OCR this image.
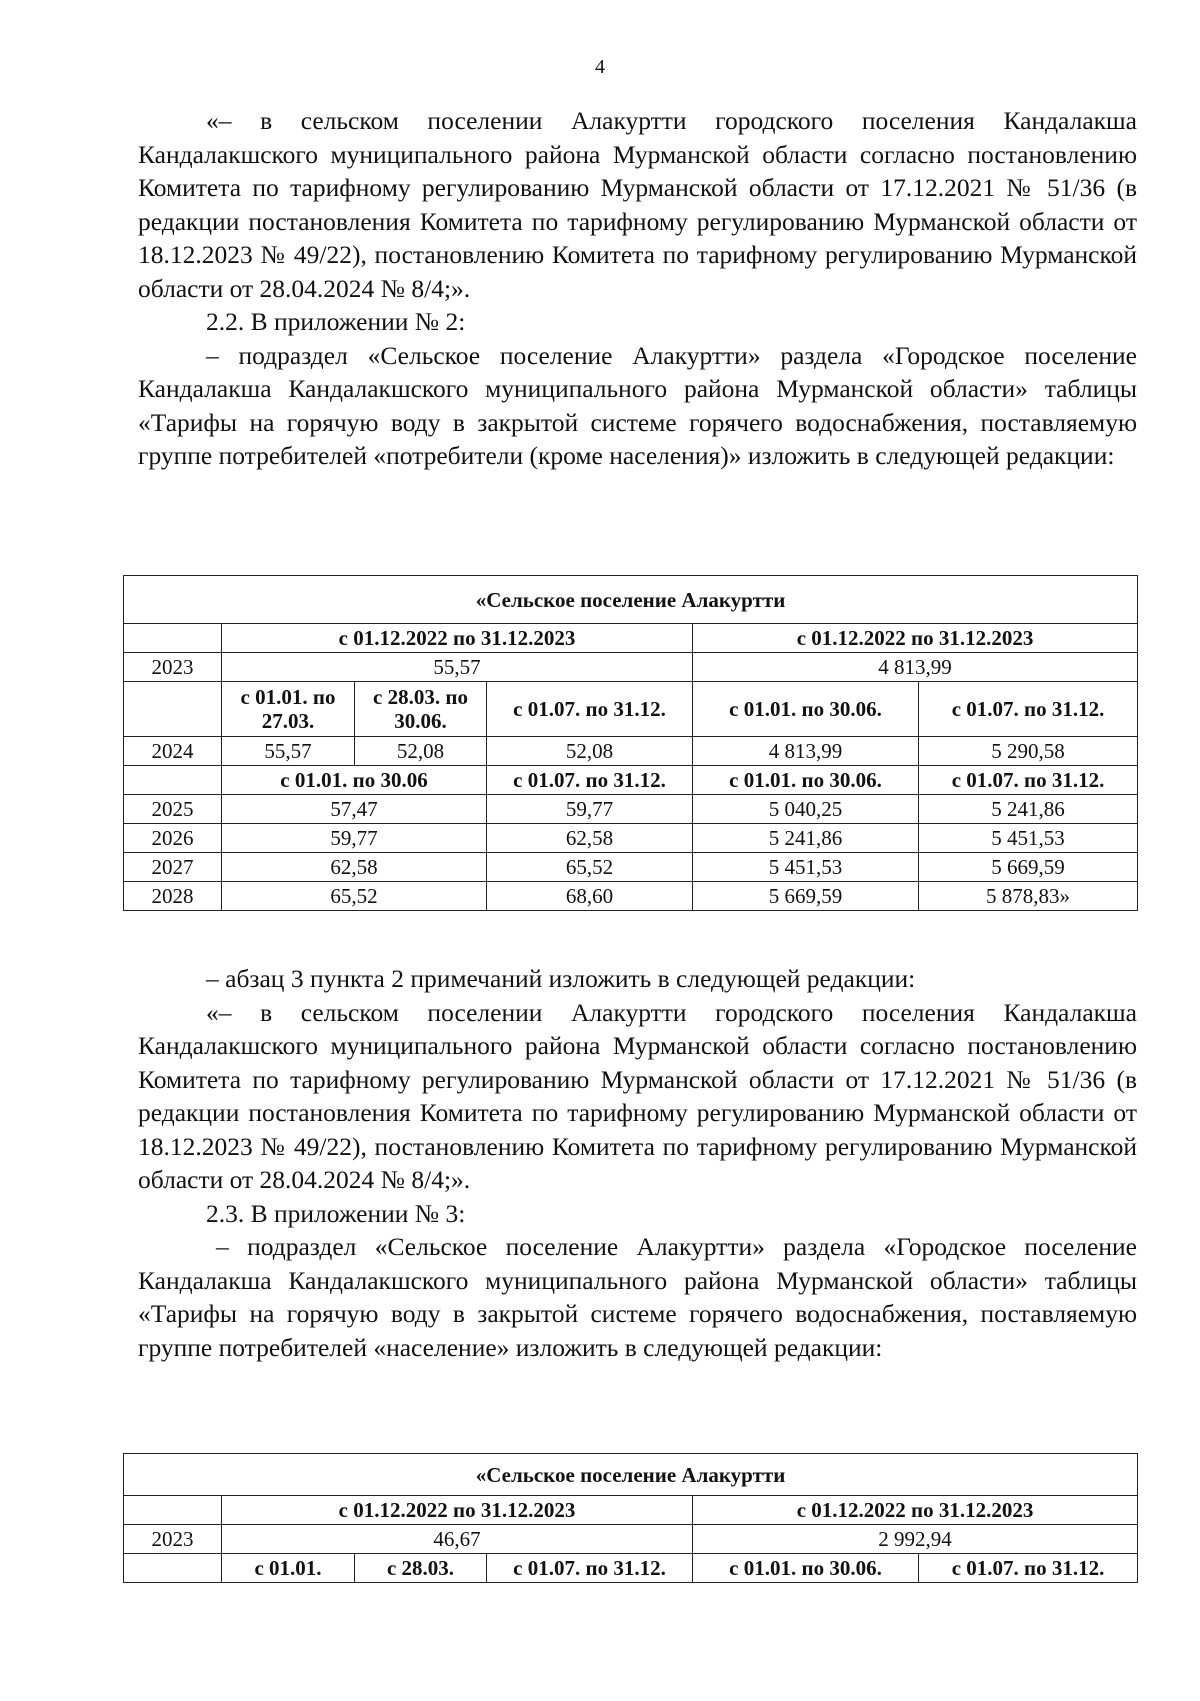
4

«– в сельском поселении Алакуртти городского поселения Кандалакша Кандалакшского муниципального района Мурманской области согласно постановлению Комитета по тарифному регулированию Мурманской области от 17.12.2021 № 51/36 (в редакции постановления Комитета по тарифному регулированию Мурманской области от 18.12.2023 № 49/22), постановлению Комитета по тарифному регулированию Мурманской области от 28.04.2024 № 8/4;».

2.2. В приложении № 2:

– подраздел «Сельское поселение Алакуртти» раздела «Городское поселение Кандалакша Кандалакшского муниципального района Мурманской области» таблицы «Тарифы на горячую воду в закрытой системе горячего водоснабжения, поставляемую группе потребителей «потребители (кроме населения)» изложить в следующей редакции:

«Сельское поселение Алакуртти					
	с 01.12.2022 по 31.12.2023			с 01.12.2022 по 31.12.2023	
2023	55,57			4 813,99	
	с 01.01. по 27.03.	с 28.03. по 30.06.	с 01.07. по 31.12.	с 01.01. по 30.06.	с 01.07. по 31.12.
2024	55,57	52,08	52,08	4 813,99	5 290,58
	с 01.01. по 30.06		с 01.07. по 31.12.	с 01.01. по 30.06.	с 01.07. по 31.12.
2025	57,47		59,77	5 040,25	5 241,86
2026	59,77		62,58	5 241,86	5 451,53
2027	62,58		65,52	5 451,53	5 669,59
2028	65,52		68,60	5 669,59	5 878,83»

– абзац 3 пункта 2 примечаний изложить в следующей редакции:

«– в сельском поселении Алакуртти городского поселения Кандалакша Кандалакшского муниципального района Мурманской области согласно постановлению Комитета по тарифному регулированию Мурманской области от 17.12.2021 № 51/36 (в редакции постановления Комитета по тарифному регулированию Мурманской области от 18.12.2023 № 49/22), постановлению Комитета по тарифному регулированию Мурманской области от 28.04.2024 № 8/4;».

2.3. В приложении № 3:

– подраздел «Сельское поселение Алакуртти» раздела «Городское поселение Кандалакша Кандалакшского муниципального района Мурманской области» таблицы «Тарифы на горячую воду в закрытой системе горячего водоснабжения, поставляемую группе потребителей «население» изложить в следующей редакции:

«Сельское поселение Алакуртти					
	с 01.12.2022 по 31.12.2023			с 01.12.2022 по 31.12.2023	
2023	46,67			2 992,94	
	с 01.01.	с 28.03.	с 01.07. по 31.12.	с 01.01. по 30.06.	с 01.07. по 31.12.
